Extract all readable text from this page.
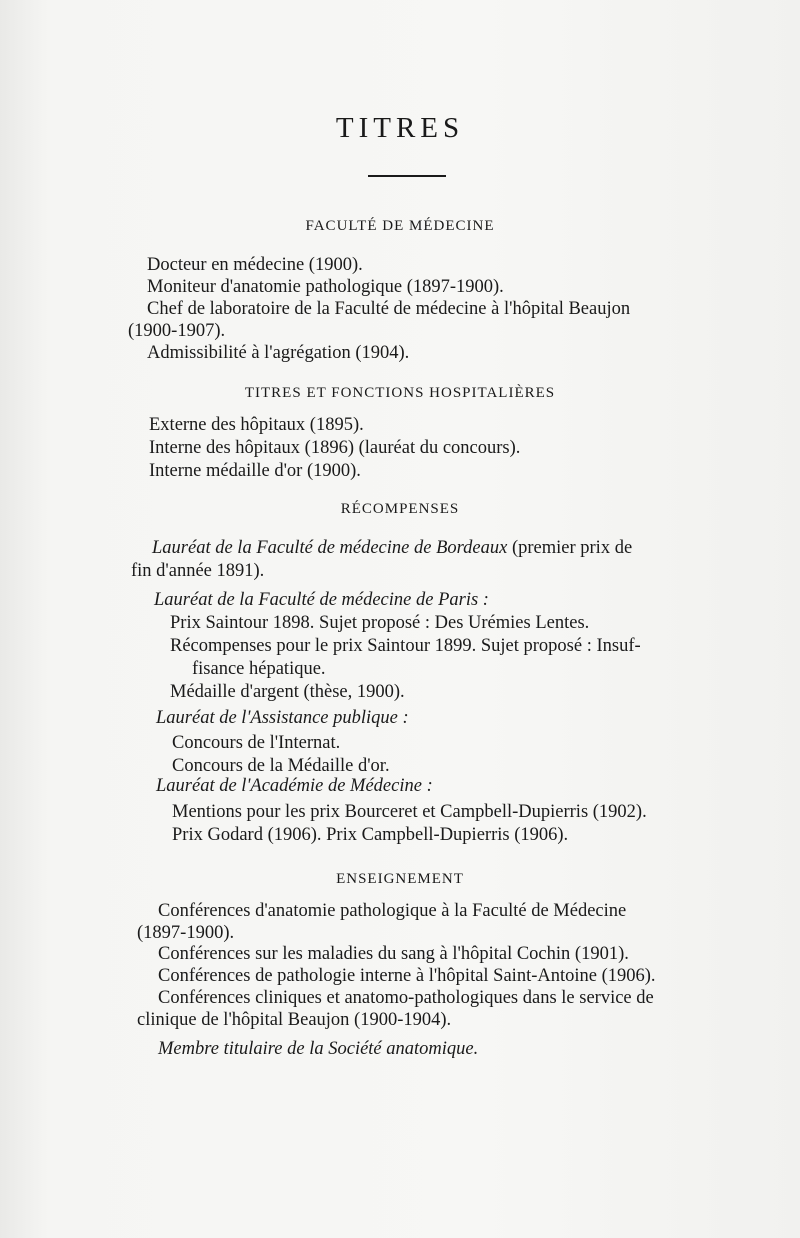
TITRES
FACULTÉ DE MÉDECINE
Docteur en médecine (1900).
Moniteur d'anatomie pathologique (1897-1900).
Chef de laboratoire de la Faculté de médecine à l'hôpital Beaujon
(1900-1907).
Admissibilité à l'agrégation (1904).
TITRES ET FONCTIONS HOSPITALIÈRES
Externe des hôpitaux (1895).
Interne des hôpitaux (1896) (lauréat du concours).
Interne médaille d'or (1900).
RÉCOMPENSES
Lauréat de la Faculté de médecine de Bordeaux (premier prix de
fin d'année 1891).
Lauréat de la Faculté de médecine de Paris :
Prix Saintour 1898. Sujet proposé : Des Urémies Lentes.
Récompenses pour le prix Saintour 1899. Sujet proposé : Insuf-
fisance hépatique.
Médaille d'argent (thèse, 1900).
Lauréat de l'Assistance publique :
Concours de l'Internat.
Concours de la Médaille d'or.
Lauréat de l'Académie de Médecine :
Mentions pour les prix Bourceret et Campbell-Dupierris (1902).
Prix Godard (1906). Prix Campbell-Dupierris (1906).
ENSEIGNEMENT
Conférences d'anatomie pathologique à la Faculté de Médecine
(1897-1900).
Conférences sur les maladies du sang à l'hôpital Cochin (1901).
Conférences de pathologie interne à l'hôpital Saint-Antoine (1906).
Conférences cliniques et anatomo-pathologiques dans le service de
clinique de l'hôpital Beaujon (1900-1904).
Membre titulaire de la Société anatomique.
